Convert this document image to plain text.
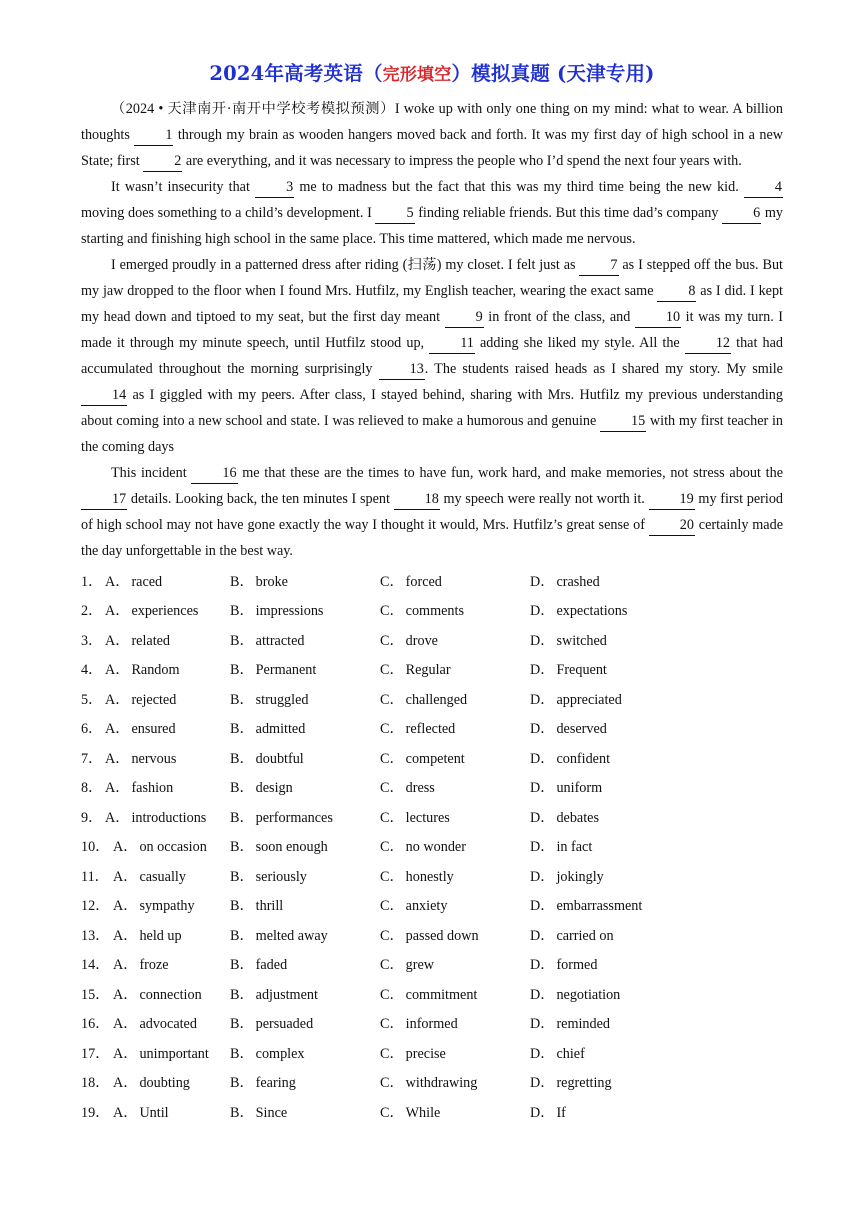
2024年高考英语（完形填空）模拟真题 (天津专用)

（2024 • 天津南开·南开中学校考模拟预测）I woke up with only one thing on my mind: what to wear. A billion thoughts 1 through my brain as wooden hangers moved back and forth. It was my first day of high school in a new State; first 2 are everything, and it was necessary to impress the people who I’d spend the next four years with.

It wasn’t insecurity that 3 me to madness but the fact that this was my third time being the new kid. 4 moving does something to a child’s development. I 5 finding reliable friends. But this time dad’s company 6 my starting and finishing high school in the same place. This time mattered, which made me nervous.

I emerged proudly in a patterned dress after riding (扫荡) my closet. I felt just as 7 as I stepped off the bus. But my jaw dropped to the floor when I found Mrs. Hutfilz, my English teacher, wearing the exact same 8 as I did. I kept my head down and tiptoed to my seat, but the first day meant 9 in front of the class, and 10 it was my turn. I made it through my minute speech, until Hutfilz stood up, 11 adding she liked my style. All the 12 that had accumulated throughout the morning surprisingly 13. The students raised heads as I shared my story. My smile 14 as I giggled with my peers. After class, I stayed behind, sharing with Mrs. Hutfilz my previous understanding about coming into a new school and state. I was relieved to make a humorous and genuine 15 with my first teacher in the coming days

This incident 16 me that these are the times to have fun, work hard, and make memories, not stress about the 17 details. Looking back, the ten minutes I spent 18 my speech were really not worth it. 19 my first period of high school may not have gone exactly the way I thought it would, Mrs. Hutfilz’s great sense of 20 certainly made the day unforgettable in the best way.

1． A． raced	B． broke	C． forced	D． crashed
2． A． experiences	B． impressions	C． comments	D． expectations
3． A． related	B． attracted	C． drove	D． switched
4． A． Random	B． Permanent	C． Regular	D． Frequent
5． A． rejected	B． struggled	C． challenged	D． appreciated
6． A． ensured	B． admitted	C． reflected	D． deserved
7． A． nervous	B． doubtful	C． competent	D． confident
8． A． fashion	B． design	C． dress	D． uniform
9． A． introductions	B． performances	C． lectures	D． debates
10． A． on occasion	B． soon enough	C． no wonder	D． in fact
11． A． casually	B． seriously	C． honestly	D． jokingly
12． A． sympathy	B． thrill	C． anxiety	D． embarrassment
13． A． held up	B． melted away	C． passed down	D． carried on
14． A． froze	B． faded	C． grew	D． formed
15． A． connection	B． adjustment	C． commitment	D． negotiation
16． A． advocated	B． persuaded	C． informed	D． reminded
17． A． unimportant	B． complex	C． precise	D． chief
18． A． doubting	B． fearing	C． withdrawing	D． regretting
19． A． Until	B． Since	C． While	D． If
